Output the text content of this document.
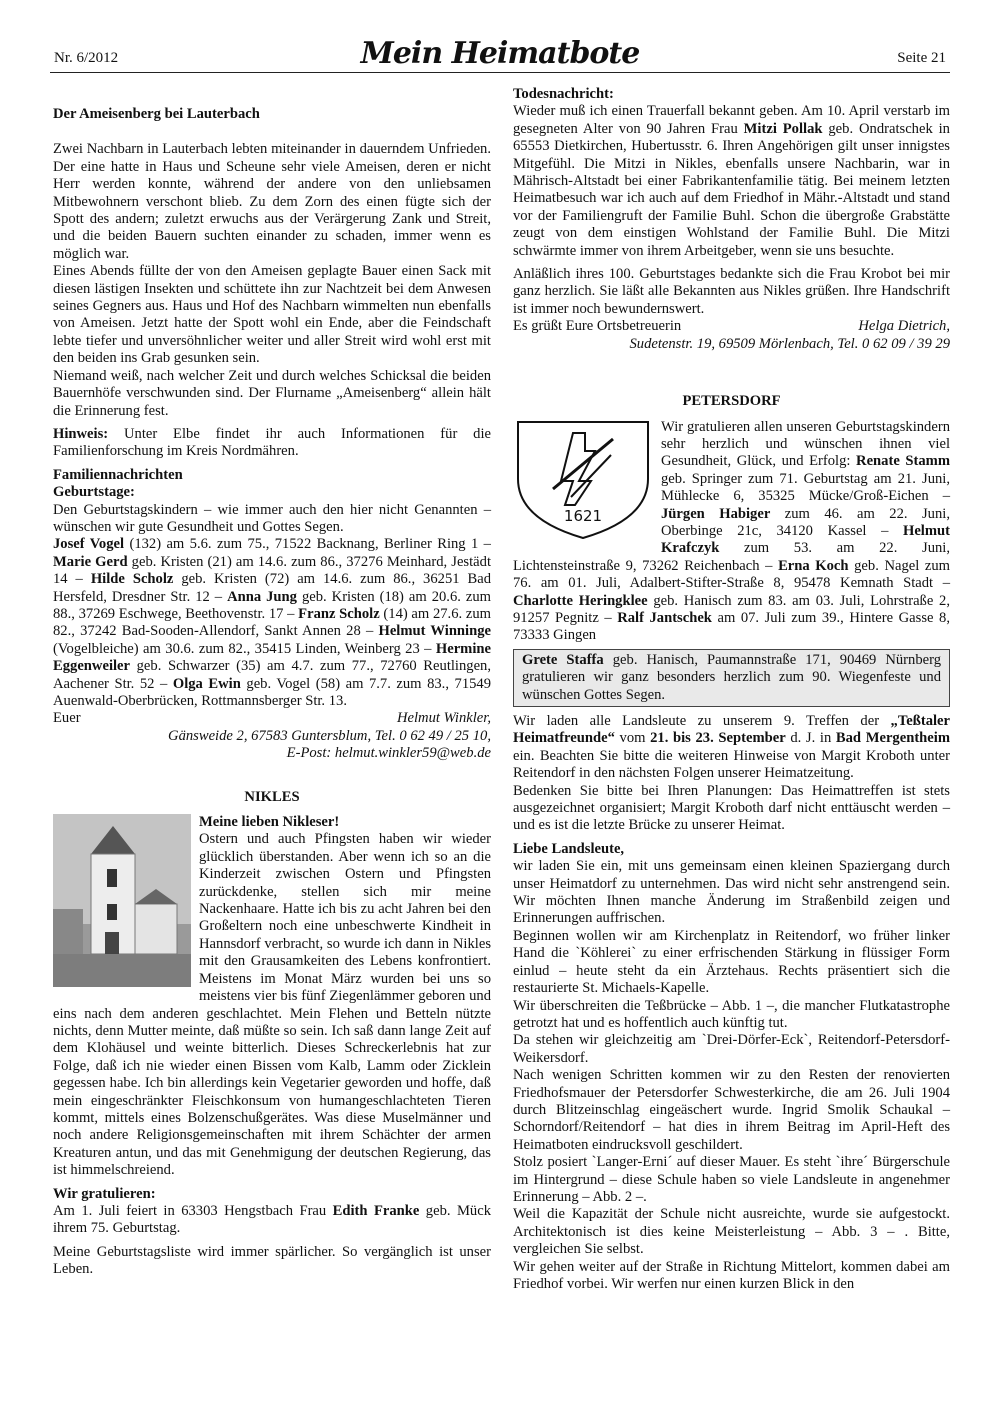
Nr. 6/2012	Mein Heimatbote	Seite 21
Der Ameisenberg bei Lauterbach

Zwei Nachbarn in Lauterbach lebten miteinander in dauerndem Unfrieden. Der eine hatte in Haus und Scheune sehr viele Ameisen, deren er nicht Herr werden konnte, während der andere von den unliebsamen Mitbewohnern verschont blieb. Zu dem Zorn des einen fügte sich der Spott des andern; zuletzt erwuchs aus der Verärgerung Zank und Streit, und die beiden Bauern suchten einander zu schaden, immer wenn es möglich war.

Eines Abends füllte der von den Ameisen geplagte Bauer einen Sack mit diesen lästigen Insekten und schüttete ihn zur Nachtzeit bei dem Anwesen seines Gegners aus. Haus und Hof des Nachbarn wimmelten nun ebenfalls von Ameisen. Jetzt hatte der Spott wohl ein Ende, aber die Feindschaft lebte tiefer und unversöhnlicher weiter und aller Streit wird wohl erst mit den beiden ins Grab gesunken sein.

Niemand weiß, nach welcher Zeit und durch welches Schicksal die beiden Bauernhöfe verschwunden sind. Der Flurname „Ameisenberg“ allein hält die Erinnerung fest.

Hinweis: Unter Elbe findet ihr auch Informationen für die Familienforschung im Kreis Nordmähren.

Familiennachrichten
Geburtstage:

Den Geburtstagskindern – wie immer auch den hier nicht Genannten – wünschen wir gute Gesundheit und Gottes Segen.

Josef Vogel (132) am 5.6. zum 75., 71522 Backnang, Berliner Ring 1 – Marie Gerd geb. Kristen (21) am 14.6. zum 86., 37276 Meinhard, Jestädt 14 – Hilde Scholz geb. Kristen (72) am 14.6. zum 86., 36251 Bad Hersfeld, Dresdner Str. 12 – Anna Jung geb. Kristen (18) am 20.6. zum 88., 37269 Eschwege, Beethovenstr. 17 – Franz Scholz (14) am 27.6. zum 82., 37242 Bad-Sooden-Allendorf, Sankt Annen 28 – Helmut Winninge (Vogelbleiche) am 30.6. zum 82., 35415 Linden, Weinberg 23 – Hermine Eggenweiler geb. Schwarzer (35) am 4.7. zum 77., 72760 Reutlingen, Aachener Str. 52 – Olga Ewin geb. Vogel (58) am 7.7. zum 83., 71549 Auenwald-Oberbrücken, Rottmannsberger Str. 13.

Euer	Helmut Winkler,

Gänsweide 2, 67583 Guntersblum, Tel. 0 62 49 / 25 10,

E-Post: helmut.winkler59@web.de

NIKLES

Meine lieben Nikleser!

Ostern und auch Pfingsten haben wir wieder glücklich überstanden. Aber wenn ich so an die Kinderzeit zwischen Ostern und Pfingsten zurückdenke, stellen sich mir meine Nackenhaare. Hatte ich bis zu acht Jahren bei den Großeltern noch eine unbeschwerte Kindheit in Hannsdorf verbracht, so wurde ich dann in Nikles mit den Grausamkeiten des Lebens konfrontiert. Meistens im Monat März wurden bei uns so meistens vier bis fünf Ziegenlämmer geboren und eins nach dem anderen geschlachtet. Mein Flehen und Betteln nützte nichts, denn Mutter meinte, daß müßte so sein. Ich saß dann lange Zeit auf dem Klohäusel und weinte bitterlich. Dieses Schreckerlebnis hat zur Folge, daß ich nie wieder einen Bissen vom Kalb, Lamm oder Zicklein gegessen habe. Ich bin allerdings kein Vegetarier geworden und hoffe, daß mein eingeschränkter Fleischkonsum von humangeschlachteten Tieren kommt, mittels eines Bolzenschußgerätes. Was diese Muselmänner und noch andere Religionsgemeinschaften mit ihrem Schächter der armen Kreaturen antun, und das mit Genehmigung der deutschen Regierung, das ist himmelschreiend.

Wir gratulieren:

Am 1. Juli feiert in 63303 Hengstbach Frau Edith Franke geb. Mück ihrem 75. Geburtstag.

Meine Geburtstagsliste wird immer spärlicher. So vergänglich ist unser Leben.

Todesnachricht:

Wieder muß ich einen Trauerfall bekannt geben. Am 10. April verstarb im gesegneten Alter von 90 Jahren Frau Mitzi Pollak geb. Ondratschek in 65553 Dietkirchen, Hubertusstr. 6. Ihren Angehörigen gilt unser innigstes Mitgefühl. Die Mitzi in Nikles, ebenfalls unsere Nachbarin, war in Mährisch-Altstadt bei einer Fabrikantenfamilie tätig. Bei meinem letzten Heimatbesuch war ich auch auf dem Friedhof in Mähr.-Altstadt und stand vor der Familiengruft der Familie Buhl. Schon die übergroße Grabstätte zeugt von dem einstigen Wohlstand der Familie Buhl. Die Mitzi schwärmte immer von ihrem Arbeitgeber, wenn sie uns besuchte.

Anläßlich ihres 100. Geburtstages bedankte sich die Frau Krobot bei mir ganz herzlich. Sie läßt alle Bekannten aus Nikles grüßen. Ihre Handschrift ist immer noch bewundernswert.

Es grüßt Eure Ortsbetreuerin	Helga Dietrich,

Sudetenstr. 19, 69509 Mörlenbach, Tel. 0 62 09 / 39 29

PETERSDORF

1621

Wir gratulieren allen unseren Geburtstagskindern sehr herzlich und wünschen ihnen viel Gesundheit, Glück, und Erfolg: Renate Stamm geb. Springer zum 71. Geburtstag am 21. Juni, Mühlecke 6, 35325 Mücke/Groß-Eichen – Jürgen Habiger zum 46. am 22. Juni, Oberbinge 21c, 34120 Kassel – Helmut Krafczyk zum 53. am 22. Juni, Lichtensteinstraße 9, 73262 Reichenbach – Erna Koch geb. Nagel zum 76. am 01. Juli, Adalbert-Stifter-Straße 8, 95478 Kemnath Stadt – Charlotte Heringklee geb. Hanisch zum 83. am 03. Juli, Lohrstraße 2, 91257 Pegnitz – Ralf Jantschek am 07. Juli zum 39., Hintere Gasse 8, 73333 Gingen

Grete Staffa geb. Hanisch, Paumannstraße 171, 90469 Nürnberg gratulieren wir ganz besonders herzlich zum 90. Wiegenfeste und wünschen Gottes Segen.

Wir laden alle Landsleute zu unserem 9. Treffen der „Teßtaler Heimatfreunde“ vom 21. bis 23. September d. J. in Bad Mergentheim ein. Beachten Sie bitte die weiteren Hinweise von Margit Kroboth unter Reitendorf in den nächsten Folgen unserer Heimatzeitung.

Bedenken Sie bitte bei Ihren Planungen: Das Heimattreffen ist stets ausgezeichnet organisiert; Margit Kroboth darf nicht enttäuscht werden – und es ist die letzte Brücke zu unserer Heimat.

Liebe Landsleute,

wir laden Sie ein, mit uns gemeinsam einen kleinen Spaziergang durch unser Heimatdorf zu unternehmen. Das wird nicht sehr anstrengend sein. Wir möchten Ihnen manche Änderung im Straßenbild zeigen und Erinnerungen auffrischen.

Beginnen wollen wir am Kirchenplatz in Reitendorf, wo früher linker Hand die `Köhlerei` zu einer erfrischenden Stärkung in flüssiger Form einlud – heute steht da ein Ärztehaus. Rechts präsentiert sich die restaurierte St. Michaels-Kapelle.

Wir überschreiten die Teßbrücke – Abb. 1 –, die mancher Flutkatastrophe getrotzt hat und es hoffentlich auch künftig tut.

Da stehen wir gleichzeitig am `Drei-Dörfer-Eck`, Reitendorf-Petersdorf-Weikersdorf.

Nach wenigen Schritten kommen wir zu den Resten der renovierten Friedhofsmauer der Petersdorfer Schwesterkirche, die am 26. Juli 1904 durch Blitzeinschlag eingeäschert wurde. Ingrid Smolik Schaukal – Schorndorf/Reitendorf – hat dies in ihrem Beitrag im April-Heft des Heimatboten eindrucksvoll geschildert.

Stolz posiert `Langer-Erni´ auf dieser Mauer. Es steht `ihre´ Bürgerschule im Hintergrund – diese Schule haben so viele Landsleute in angenehmer Erinnerung – Abb. 2 –.

Weil die Kapazität der Schule nicht ausreichte, wurde sie aufgestockt. Architektonisch ist dies keine Meisterleistung – Abb. 3 – . Bitte, vergleichen Sie selbst.

Wir gehen weiter auf der Straße in Richtung Mittelort, kommen dabei am Friedhof vorbei. Wir werfen nur einen kurzen Blick in den
